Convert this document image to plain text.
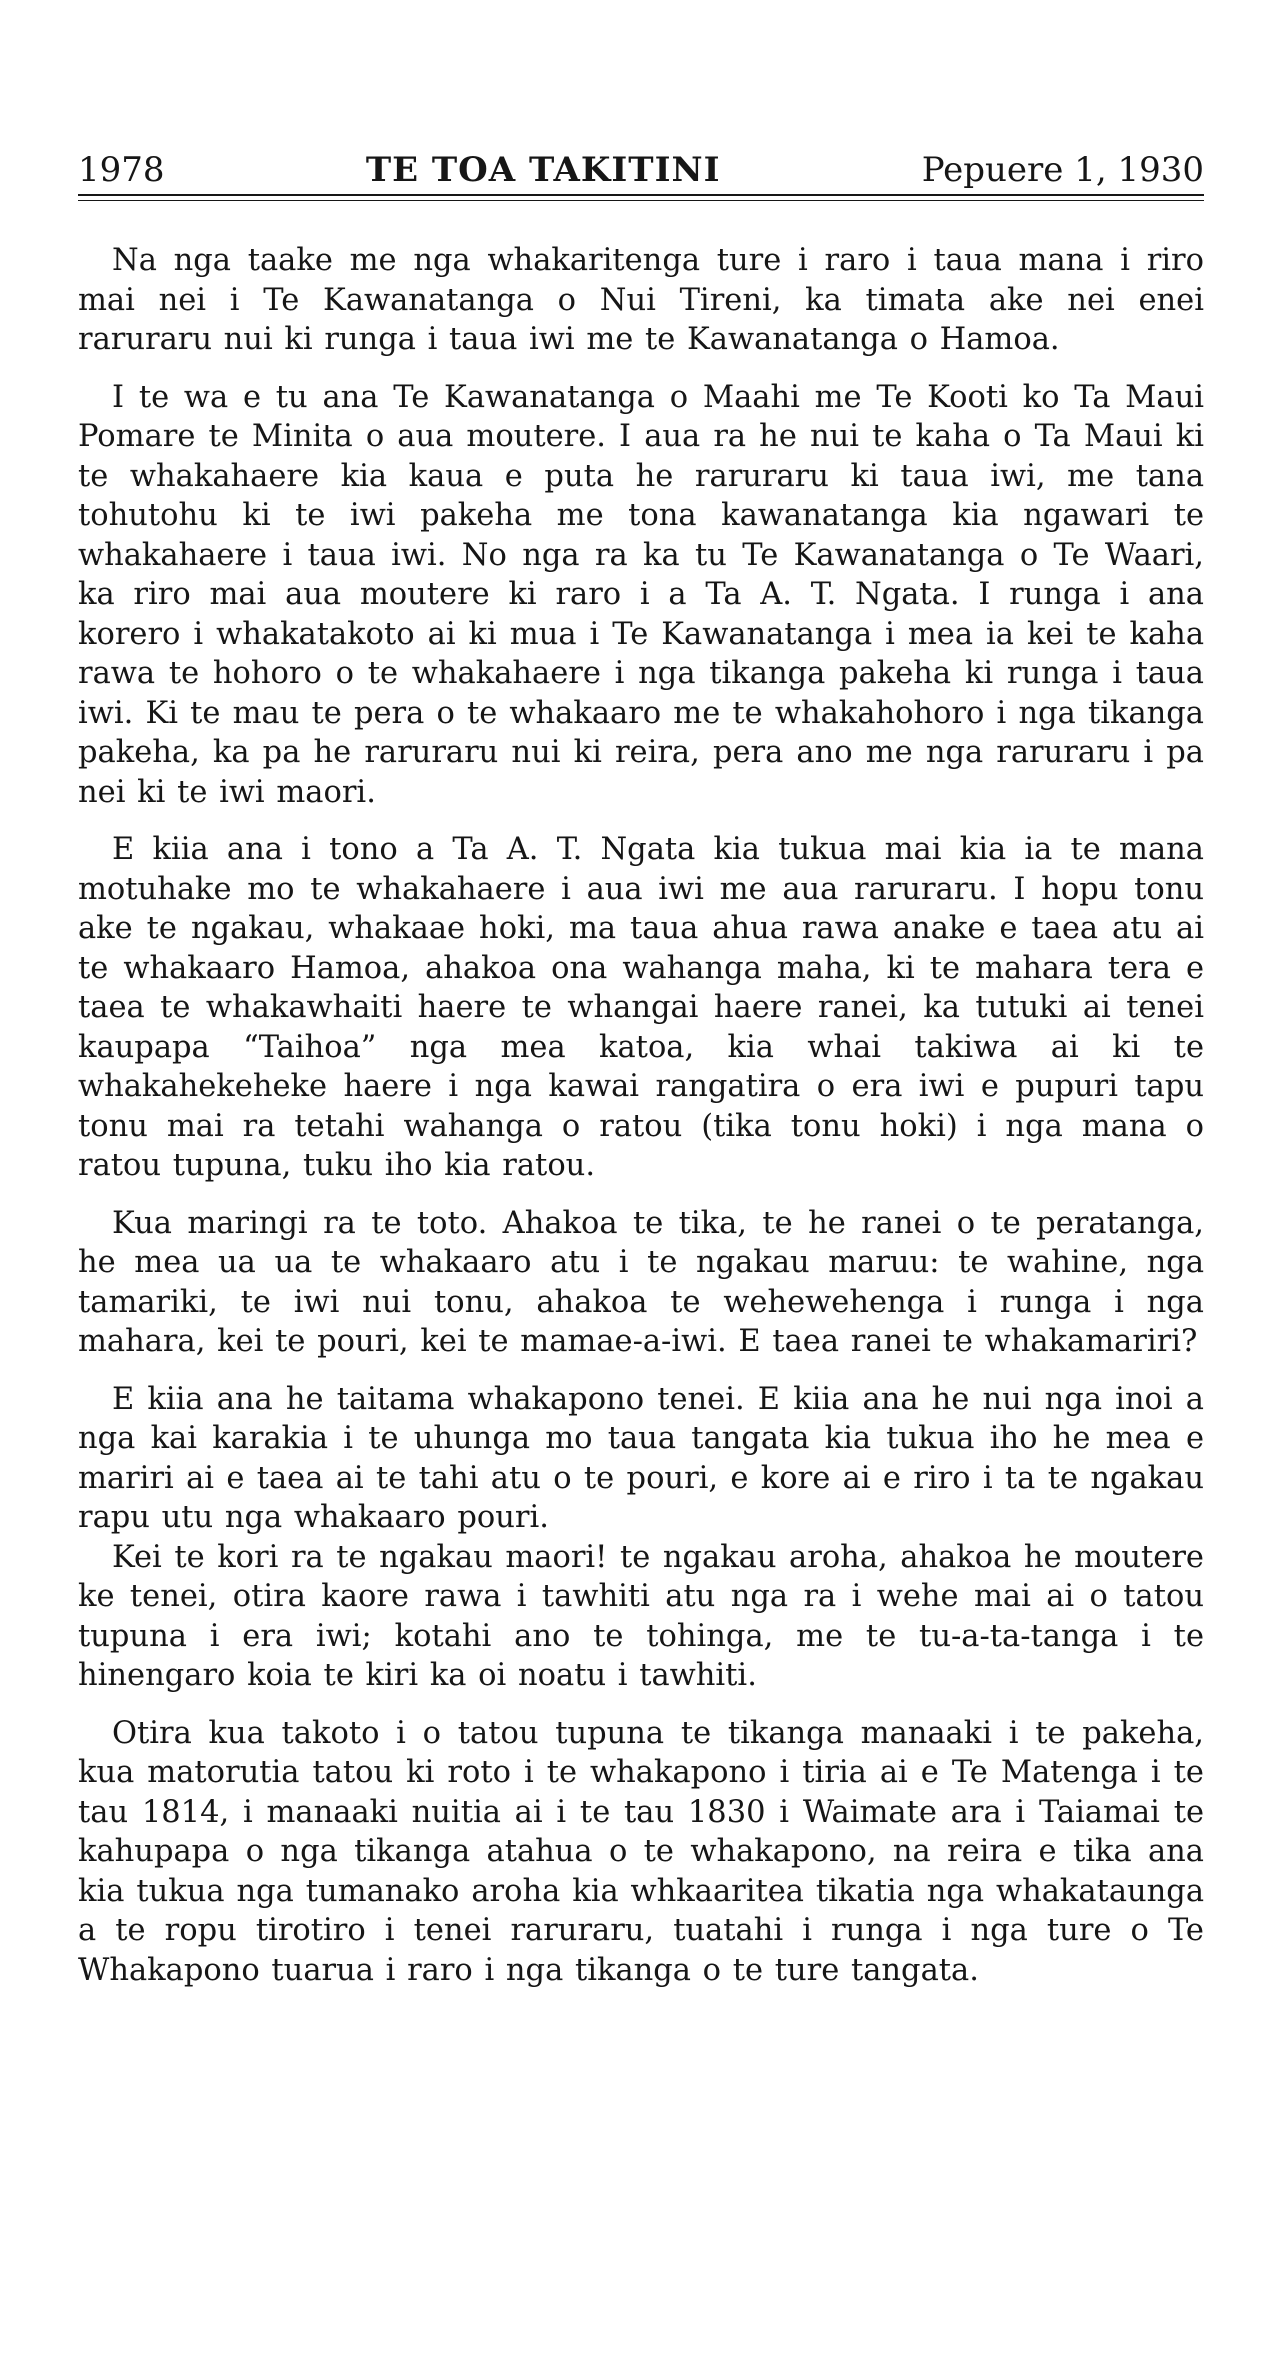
1978	TE TOA TAKITINI	Pepuere 1, 1930

Na nga taake me nga whakaritenga ture i raro i taua mana i riro mai nei i Te Kawanatanga o Nui Tireni, ka timata ake nei enei raruraru nui ki runga i taua iwi me te Kawanatanga o Hamoa.

I te wa e tu ana Te Kawanatanga o Maahi me Te Kooti ko Ta Maui Pomare te Minita o aua moutere. I aua ra he nui te kaha o Ta Maui ki te whakahaere kia kaua e puta he raruraru ki taua iwi, me tana tohutohu ki te iwi pakeha me tona kawanatanga kia ngawari te whakahaere i taua iwi. No nga ra ka tu Te Kawanatanga o Te Waari, ka riro mai aua moutere ki raro i a Ta A. T. Ngata. I runga i ana korero i whakatakoto ai ki mua i Te Kawanatanga i mea ia kei te kaha rawa te hohoro o te whakahaere i nga tikanga pakeha ki runga i taua iwi. Ki te mau te pera o te whakaaro me te whakahohoro i nga tikanga pakeha, ka pa he raruraru nui ki reira, pera ano me nga raruraru i pa nei ki te iwi maori.

E kiia ana i tono a Ta A. T. Ngata kia tukua mai kia ia te mana motuhake mo te whakahaere i aua iwi me aua raruraru. I hopu tonu ake te ngakau, whakaae hoki, ma taua ahua rawa anake e taea atu ai te whakaaro Hamoa, ahakoa ona wahanga maha, ki te mahara tera e taea te whakawhaiti haere te whangai haere ranei, ka tutuki ai tenei kaupapa “Taihoa” nga mea katoa, kia whai takiwa ai ki te whakahekeheke haere i nga kawai rangatira o era iwi e pupuri tapu tonu mai ra tetahi wahanga o ratou (tika tonu hoki) i nga mana o ratou tupuna, tuku iho kia ratou.

Kua maringi ra te toto. Ahakoa te tika, te he ranei o te peratanga, he mea ua ua te whakaaro atu i te ngakau maruu: te wahine, nga tamariki, te iwi nui tonu, ahakoa te wehewehenga i runga i nga mahara, kei te pouri, kei te mamae-a-iwi. E taea ranei te whakamariri?

E kiia ana he taitama whakapono tenei. E kiia ana he nui nga inoi a nga kai karakia i te uhunga mo taua tangata kia tukua iho he mea e mariri ai e taea ai te tahi atu o te pouri, e kore ai e riro i ta te ngakau rapu utu nga whakaaro pouri.

Kei te kori ra te ngakau maori! te ngakau aroha, ahakoa he moutere ke tenei, otira kaore rawa i tawhiti atu nga ra i wehe mai ai o tatou tupuna i era iwi; kotahi ano te tohinga, me te tu-a-ta-tanga i te hinengaro koia te kiri ka oi noatu i tawhiti.

Otira kua takoto i o tatou tupuna te tikanga manaaki i te pakeha, kua matorutia tatou ki roto i te whakapono i tiria ai e Te Matenga i te tau 1814, i manaaki nuitia ai i te tau 1830 i Waimate ara i Taiamai te kahupapa o nga tikanga atahua o te whakapono, na reira e tika ana kia tukua nga tumanako aroha kia whkaaritea tikatia nga whakataunga a te ropu tirotiro i tenei raruraru, tuatahi i runga i nga ture o Te Whakapono tuarua i raro i nga tikanga o te ture tangata.
